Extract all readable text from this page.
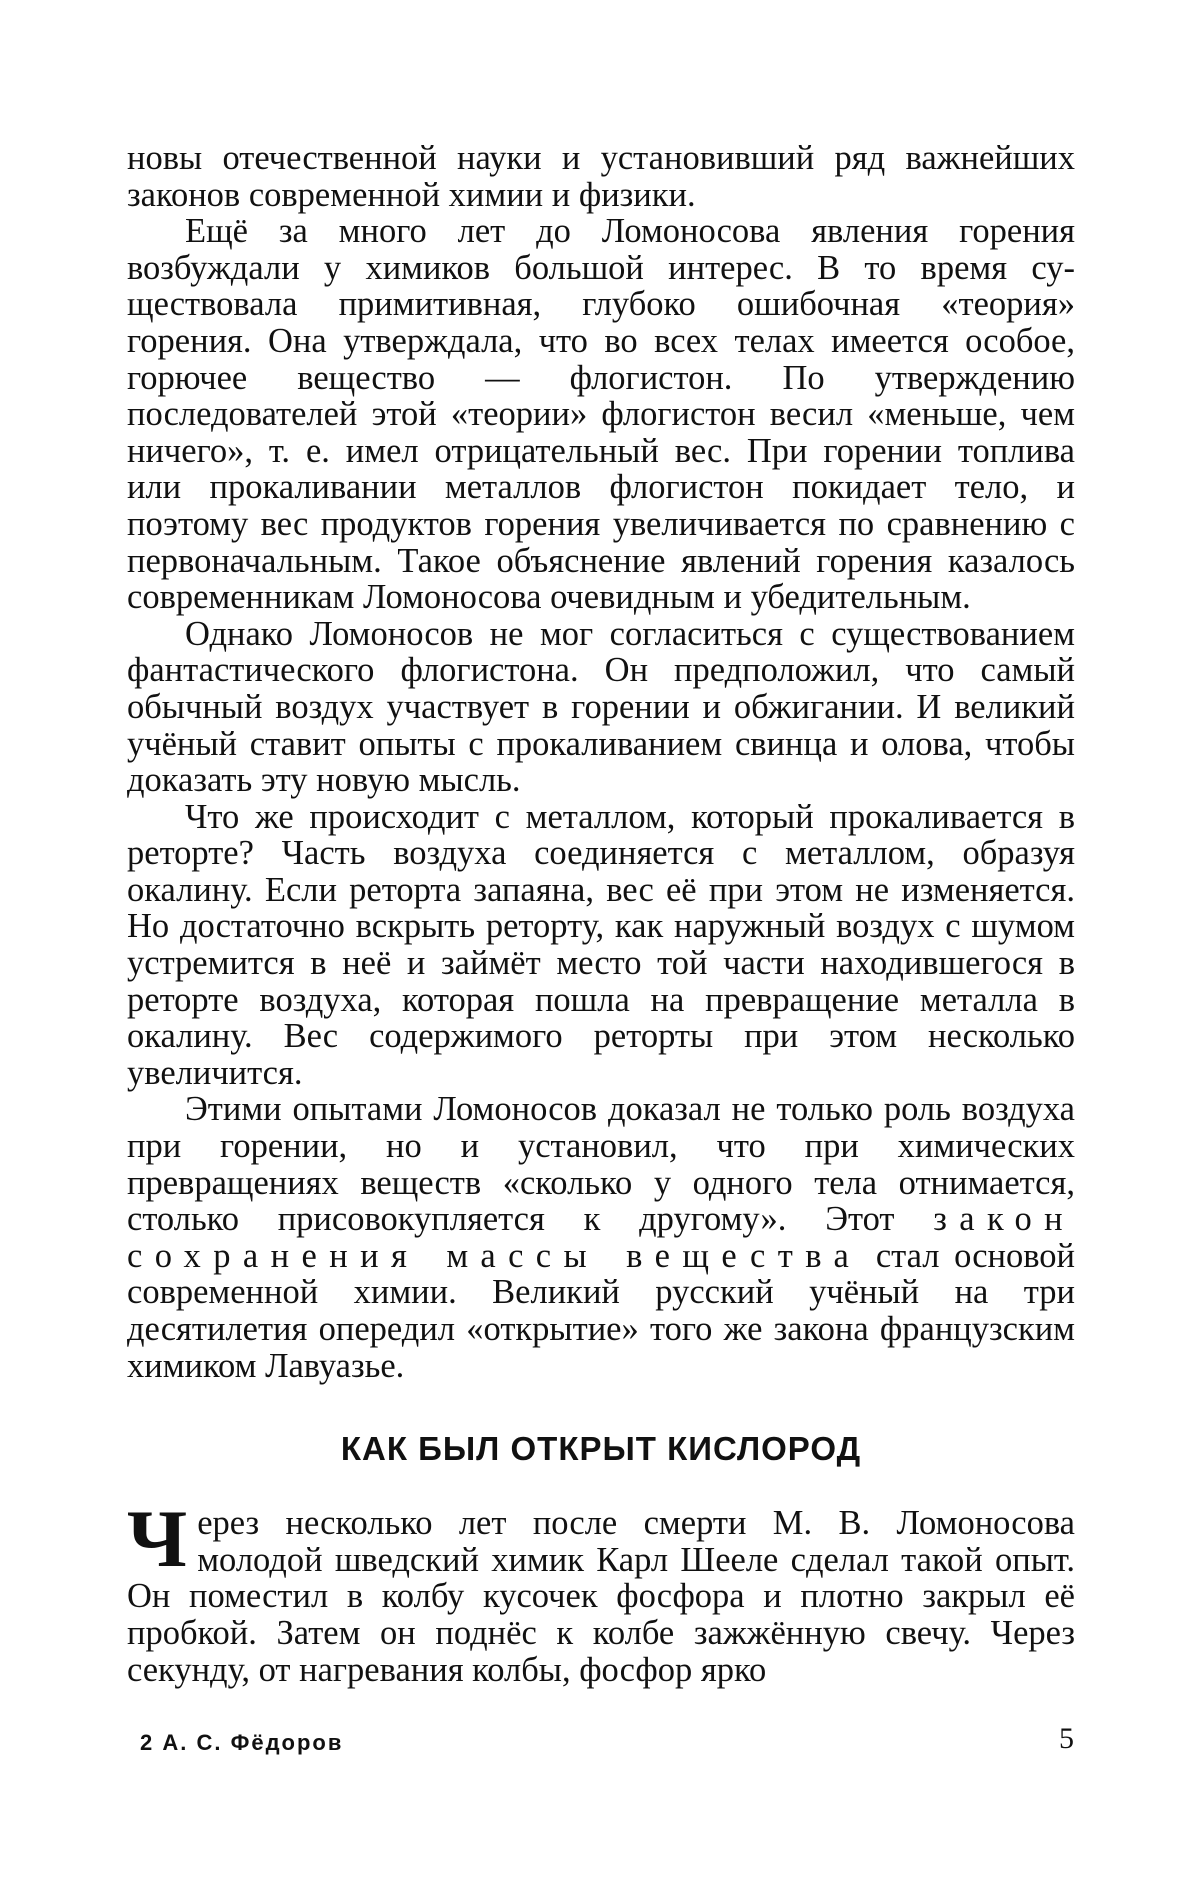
новы отечественной науки и установивший ряд важнейших законов современной химии и физики.

Ещё за много лет до Ломоносова явления горения возбуждали у химиков большой интерес. В то время существовала примитивная, глубоко ошибочная «теория» горения. Она утверждала, что во всех телах имеется особое, горючее вещество — флогистон. По утверждению последователей этой «теории» флогистон весил «меньше, чем ничего», т. е. имел отрицательный вес. При горении топлива или прокаливании металлов флогистон покидает тело, и поэтому вес продуктов горения увеличивается по сравнению с первоначальным. Такое объяснение явлений горения казалось современникам Ломоносова очевидным и убедительным.

Однако Ломоносов не мог согласиться с существованием фантастического флогистона. Он предположил, что самый обычный воздух участвует в горении и обжигании. И великий учёный ставит опыты с прокаливанием свинца и олова, чтобы доказать эту новую мысль.

Что же происходит с металлом, который прокаливается в реторте? Часть воздуха соединяется с металлом, образуя окалину. Если реторта запаяна, вес её при этом не изменяется. Но достаточно вскрыть реторту, как наружный воздух с шумом устремится в неё и займёт место той части находившегося в реторте воздуха, которая пошла на превращение металла в окалину. Вес содержимого реторты при этом несколько увеличится.

Этими опытами Ломоносов доказал не только роль воздуха при горении, но и установил, что при химических превращениях веществ «сколько у одного тела отнимается, столько присовокупляется к другому». Этот закон сохранения массы вещества стал основой современной химии. Великий русский учёный на три десятилетия опередил «открытие» того же закона французским химиком Лавуазье.

КАК БЫЛ ОТКРЫТ КИСЛОРОД

Через несколько лет после смерти М. В. Ломоносова молодой шведский химик Карл Шееле сделал такой опыт. Он поместил в колбу кусочек фосфора и плотно закрыл её пробкой. Затем он поднёс к колбе зажжённую свечу. Через секунду, от нагревания колбы, фосфор ярко

2 А. С. Фёдоров	5
